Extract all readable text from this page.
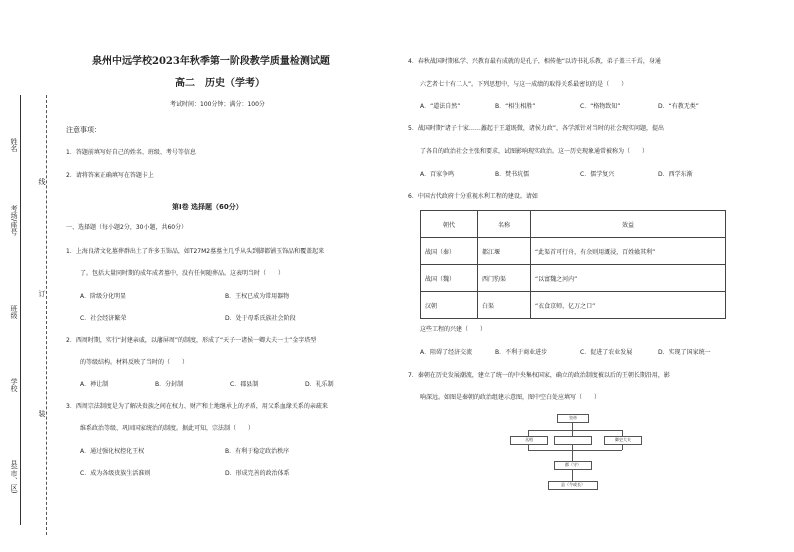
姓名
考场/座号
班级
学校
县(市、区)
线
订
装
泉州中远学校2023年秋季第一阶段教学质量检测试题
高二　历史（学考）
考试时间：100分钟；满分：100分
注意事项：
1．答题前填写好自己的姓名、班级、考号等信息
2．请将答案正确填写在答题卡上
第Ⅰ卷 选择题（60分）
一、选择题（每小题2分，30小题，共60分）
1．上海良渚文化墓葬群出土了许多玉饰品，如T27M2墓墓主几乎从头到脚都铺玉饰品和覆盖起来
了。包括大量同时期的成年成者墓中，没有任何随葬品。这表明当时（　　）
A．阶级分化明显	B．王权已成为常用器物
C．社会经济繁荣	D．处于母系氏族社会阶段
2．西周时期，实行“封建亲戚，以藩屏周”的制度，形成了“天子一诸侯一卿大夫一士”金字塔型
的等级结构。材料反映了当时的（　　）
A．禅让制	B．分封制	C．郡县制	D．礼乐制
3．西周宗法制度是为了解决贵族之间在权力、财产和土地继承上的矛盾，用父系血缘关系的亲疏来
维系政治等级、巩固国家统治的制度。据此可知，宗法制（　　）
A．通过强化权控化王权	B．有利于稳定政治秩序
C．成为各级贵族生活准则	D．形成完善的政治体系
4．春秋战国时期私学、兴教育最有成就的是孔子，相传他“以诗书礼乐教，弟子盖三千焉，身通
六艺者七十有二人”。下列思想中，与这一成绩的取得关系最密切的是（　　）
A．“道法自然”	B．“相生相胜”	C．“格物致知”	D．“有教无类”
5．战国时期“诸子十家……蠡起于王道既微，诸侯力政”，各学派针对当时的社会现实问题，提出
了各自的政治社会主张和要求，试图影响现实政治。这一历史现象通常被称为（　　）
A．百家争鸣	B．焚书坑儒	C．儒学复兴	D．西学东渐
6．中国古代政府十分重视水利工程的建设。请如
朝代	名称	效益
战国（秦）	都江堰	“此渠首可行舟，有余则用溉浸，百姓飨其利”
战国（魏）	西门豹渠	“以富魏之河内”
汉朝	白渠	“衣食京师，亿万之口”
这些工程的兴建（　　）
A．阻碍了经济交流	B．不利于商业进步	C．促进了农业发展	D．实现了国家统一
7．秦朝在历史发展潮流，建立了统一的中央集权国家，确立的政治制度被以后的王朝长期沿用，影
响深远。如图是秦朝的政治组建示意图，图中空白处应填写（　　）
皇帝
丞相	御史大夫
郡（守）
县（令或长）
